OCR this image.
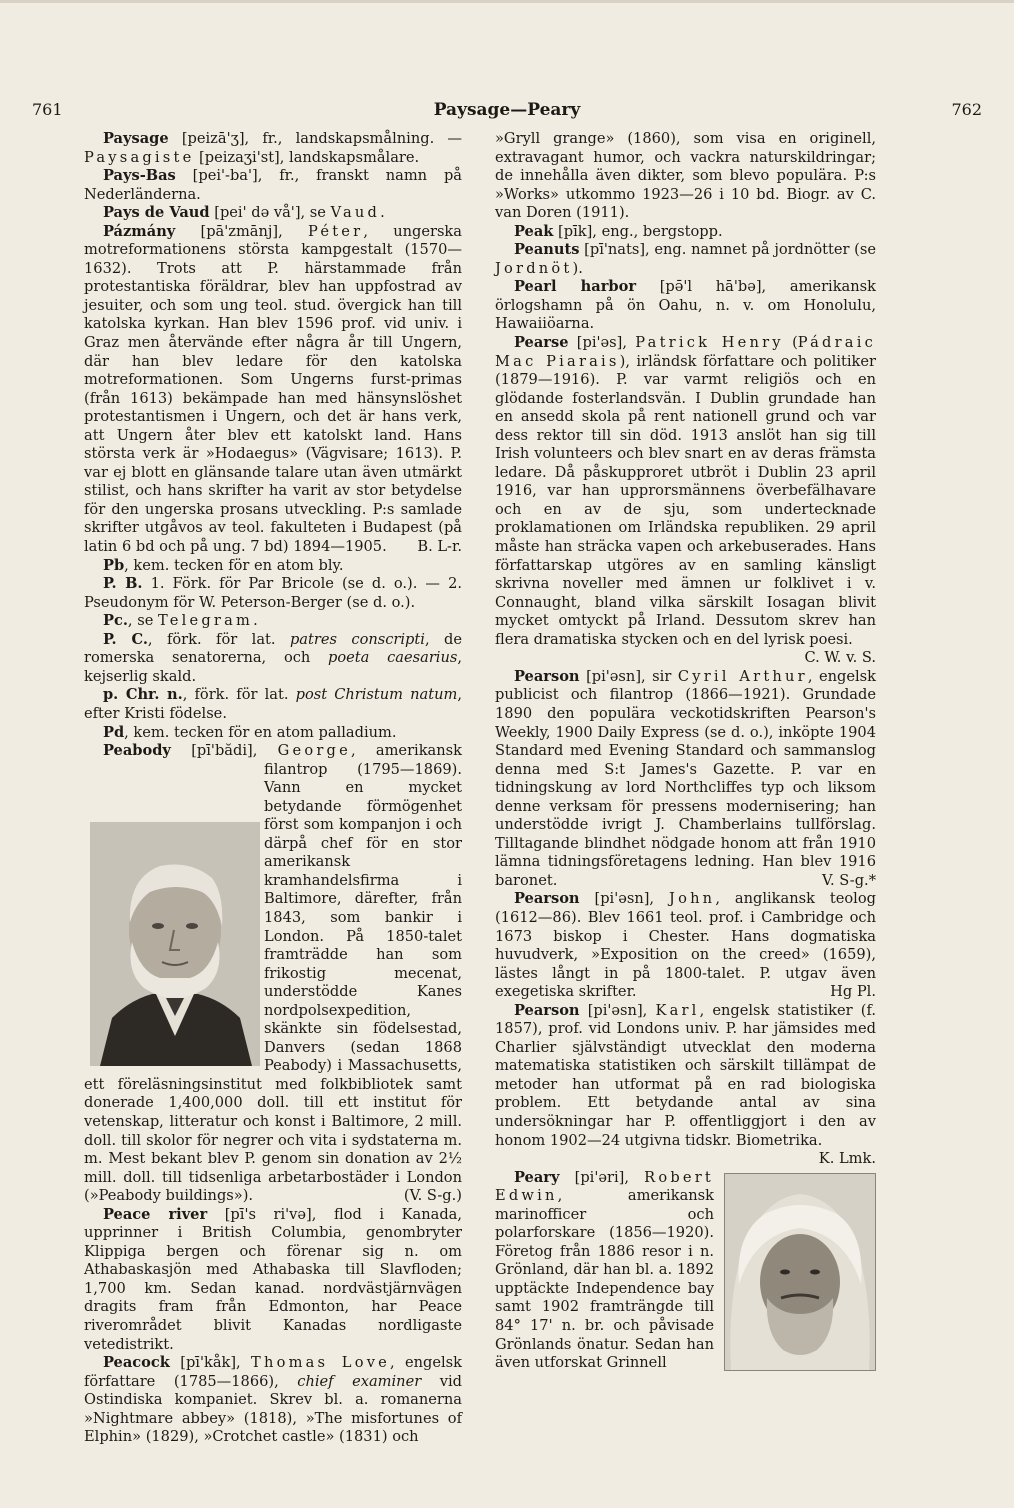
761	Paysage—Peary	762

Paysage [peizā'ʒ], fr., landskapsmålning. — Paysagiste [peizaʒi'st], landskapsmålare.

Pays-Bas [pei'-ba'], fr., franskt namn på Nederländerna.

Pays de Vaud [pei' də vå'], se Vaud.

Pázmány [pā'zmānj], Péter, ungerska motreformationens största kampgestalt (1570—1632). Trots att P. härstammade från protestantiska föräldrar, blev han uppfostrad av jesuiter, och som ung teol. stud. övergick han till katolska kyrkan. Han blev 1596 prof. vid univ. i Graz men återvände efter några år till Ungern, där han blev ledare för den katolska motreformationen. Som Ungerns furst-primas (från 1613) bekämpade han med hänsynslöshet protestantismen i Ungern, och det är hans verk, att Ungern åter blev ett katolskt land. Hans största verk är »Hodaegus» (Vägvisare; 1613). P. var ej blott en glänsande talare utan även utmärkt stilist, och hans skrifter ha varit av stor betydelse för den ungerska prosans utveckling. P:s samlade skrifter utgåvos av teol. fakulteten i Budapest (på latin 6 bd och på ung. 7 bd) 1894—1905.	B. L-r.

Pb, kem. tecken för en atom bly.

P. B. 1. Förk. för Par Bricole (se d. o.). — 2. Pseudonym för W. Peterson-Berger (se d. o.).

Pc., se Telegram.

P. C., förk. för lat. patres conscripti, de romerska senatorerna, och poeta caesarius, kejserlig skald.

p. Chr. n., förk. för lat. post Christum natum, efter Kristi födelse.

Pd, kem. tecken för en atom palladium.

Peabody [pī'bădi], George
, amerikansk filantrop (1795—1869). Vann en mycket betydande förmögenhet först som kompanjon i och därpå chef för en stor amerikansk kramhandelsfirma i Baltimore, därefter, från 1843, som bankir i London. På 1850-talet framträdde han som frikostig mecenat, understödde Kanes nordpolsexpedition, skänkte sin födelsestad, Danvers (sedan 1868 Peabody) i Massachusetts, ett föreläsningsinstitut med folkbibliotek samt donerade 1,400,000 doll. till ett institut för vetenskap, litteratur och konst i Baltimore, 2 mill. doll. till skolor för negrer och vita i sydstaterna m. m. Mest bekant blev P. genom sin donation av 2½ mill. doll. till tidsenliga arbetarbostäder i London (»Peabody buildings»).	(V. S-g.)

Peace river [pī's ri'və], flod i Kanada, upprinner i British Columbia, genombryter Klippiga bergen och förenar sig n. om Athabaskasjön med Athabaska till Slavfloden; 1,700 km. Sedan kanad. nordvästjärnvägen dragits fram från Edmonton, har Peace riverområdet blivit Kanadas nordligaste vetedistrikt.

Peacock [pī'kåk], Thomas Love, engelsk författare (1785—1866), chief examiner vid Ostindiska kompaniet. Skrev bl. a. romanerna »Nightmare abbey» (1818), »The misfortunes of Elphin» (1829), »Crotchet castle» (1831) och

»Gryll grange» (1860), som visa en originell, extravagant humor, och vackra naturskildringar; de innehålla även dikter, som blevo populära. P:s »Works» utkommo 1923—26 i 10 bd. Biogr. av C. van Doren (1911).

Peak [pīk], eng., bergstopp.

Peanuts [pī'nats], eng. namnet på jordnötter (se Jordnöt).

Pearl harbor [pə̄'l hā'bə], amerikansk örlogshamn på ön Oahu, n. v. om Honolulu, Hawaiiöarna.

Pearse [pi'əs], Patrick Henry (Pádraic Mac Piarais), irländsk författare och politiker (1879—1916). P. var varmt religiös och en glödande fosterlandsvän. I Dublin grundade han en ansedd skola på rent nationell grund och var dess rektor till sin död. 1913 anslöt han sig till Irish volunteers och blev snart en av deras främsta ledare. Då påskupproret utbröt i Dublin 23 april 1916, var han upprorsmännens överbefälhavare och en av de sju, som undertecknade proklamationen om Irländska republiken. 29 april måste han sträcka vapen och arkebuserades. Hans författarskap utgöres av en samling känsligt skrivna noveller med ämnen ur folklivet i v. Connaught, bland vilka särskilt Iosagan blivit mycket omtyckt på Irland. Dessutom skrev han flera dramatiska stycken och en del lyrisk poesi.
C. W. v. S.

Pearson [pi'əsn], sir Cyril Arthur, engelsk publicist och filantrop (1866—1921). Grundade 1890 den populära veckotidskriften Pearson's Weekly, 1900 Daily Express (se d. o.), inköpte 1904 Standard med Evening Standard och sammanslog denna med S:t James's Gazette. P. var en tidningskung av lord Northcliffes typ och liksom denne verksam för pressens modernisering; han understödde ivrigt J. Chamberlains tullförslag. Tilltagande blindhet nödgade honom att från 1910 lämna tidningsföretagens ledning. Han blev 1916 baronet.	V. S-g.*

Pearson [pi'əsn], John, anglikansk teolog (1612—86). Blev 1661 teol. prof. i Cambridge och 1673 biskop i Chester. Hans dogmatiska huvudverk, »Exposition on the creed» (1659), lästes långt in på 1800-talet. P. utgav även exegetiska skrifter.	Hg Pl.

Pearson [pi'əsn], Karl, engelsk statistiker (f. 1857), prof. vid Londons univ. P. har jämsides med Charlier självständigt utvecklat den moderna matematiska statistiken och särskilt tillämpat de metoder han utformat på en rad biologiska problem. Ett betydande antal av sina undersökningar har P. offentliggjort i den av honom 1902—24 utgivna tidskr. Biometrika.
K. Lmk.

Peary [pi'əri], Robert Edwin, amerikansk marinofficer och polarforskare (1856—1920). Företog från 1886 resor i n. Grönland, där han bl. a. 1892 upptäckte Independence bay samt 1902 framträngde till 84° 17' n. br. och påvisade Grönlands önatur. Sedan han även utforskat Grinnell
